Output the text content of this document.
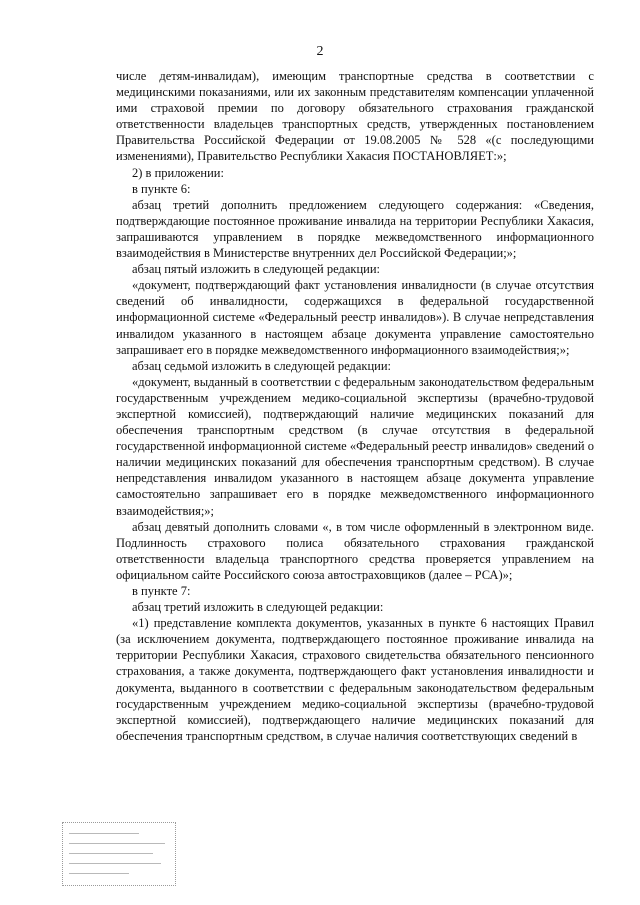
2

числе детям-инвалидам), имеющим транспортные средства в соответствии с медицинскими показаниями, или их законным представителям компенсации уплаченной ими страховой премии по договору обязательного страхования гражданской ответственности владельцев транспортных средств, утвержденных постановлением Правительства Российской Федерации от 19.08.2005 № 528 «(с последующими изменениями), Правительство Республики Хакасия ПОСТАНОВЛЯЕТ:»;

2) в приложении:

в пункте 6:

абзац третий дополнить предложением следующего содержания: «Сведения, подтверждающие постоянное проживание инвалида на территории Республики Хакасия, запрашиваются управлением в порядке межведомственного информационного взаимодействия в Министерстве внутренних дел Российской Федерации;»;

абзац пятый изложить в следующей редакции:

«документ, подтверждающий факт установления инвалидности (в случае отсутствия сведений об инвалидности, содержащихся в федеральной государственной информационной системе «Федеральный реестр инвалидов»). В случае непредставления инвалидом указанного в настоящем абзаце документа управление самостоятельно запрашивает его в порядке межведомственного информационного взаимодействия;»;

абзац седьмой изложить в следующей редакции:

«документ, выданный в соответствии с федеральным законодательством федеральным государственным учреждением медико-социальной экспертизы (врачебно-трудовой экспертной комиссией), подтверждающий наличие медицинских показаний для обеспечения транспортным средством (в случае отсутствия в федеральной государственной информационной системе «Федеральный реестр инвалидов» сведений о наличии медицинских показаний для обеспечения транспортным средством). В случае непредставления инвалидом указанного в настоящем абзаце документа управление самостоятельно запрашивает его в порядке межведомственного информационного взаимодействия;»;

абзац девятый дополнить словами «, в том числе оформленный в электронном виде. Подлинность страхового полиса обязательного страхования гражданской ответственности владельца транспортного средства проверяется управлением на официальном сайте Российского союза автостраховщиков (далее – РСА)»;

в пункте 7:

абзац третий изложить в следующей редакции:

«1) представление комплекта документов, указанных в пункте 6 настоящих Правил (за исключением документа, подтверждающего постоянное проживание инвалида на территории Республики Хакасия, страхового свидетельства обязательного пенсионного страхования, а также документа, подтверждающего факт установления инвалидности и документа, выданного в соответствии с федеральным законодательством федеральным государственным учреждением медико-социальной экспертизы (врачебно-трудовой экспертной комиссией), подтверждающего наличие медицинских показаний для обеспечения транспортным средством, в случае наличия соответствующих сведений в
